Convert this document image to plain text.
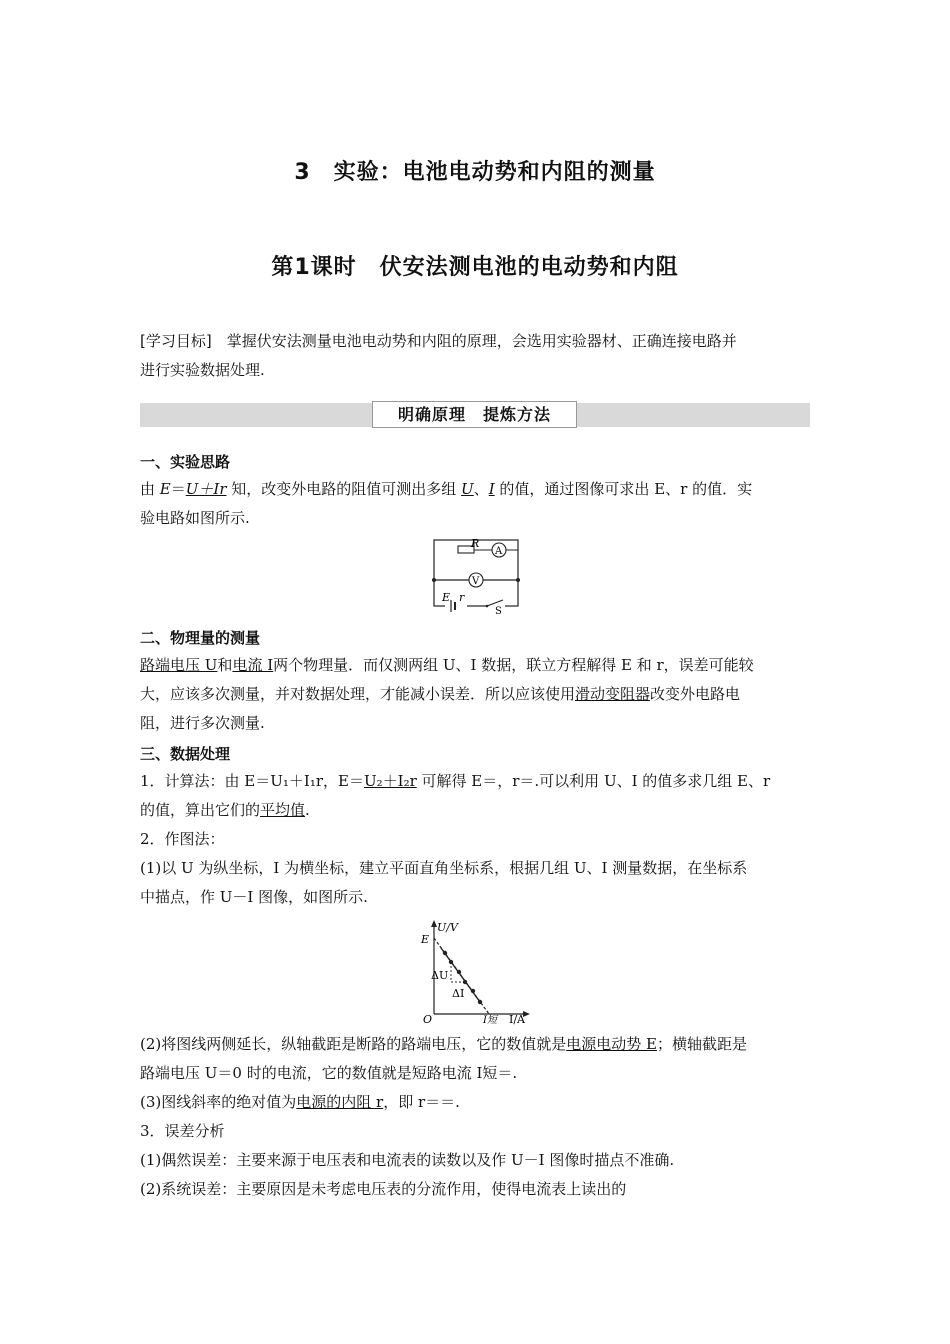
3　实验：电池电动势和内阻的测量
第1课时　伏安法测电池的电动势和内阻
[学习目标]　掌握伏安法测量电池电动势和内阻的原理，会选用实验器材、正确连接电路并
进行实验数据处理.
明确原理　提炼方法
一、实验思路
由 E＝U＋Ir 知，改变外电路的阻值可测出多组 U、I 的值，通过图像可求出 E、r 的值．实
验电路如图所示.
R
A
V
E r
S
二、物理量的测量
路端电压 U和电流 I两个物理量．而仅测两组 U、I 数据，联立方程解得 E 和 r，误差可能较
大，应该多次测量，并对数据处理，才能减小误差．所以应该使用滑动变阻器改变外电路电
阻，进行多次测量.
三、数据处理
1．计算法：由 E＝U₁＋I₁r，E＝U₂＋I₂r 可解得 E＝，r＝.可以利用 U、I 的值多求几组 E、r
的值，算出它们的平均值.
2．作图法：
(1)以 U 为纵坐标，I 为横坐标，建立平面直角坐标系，根据几组 U、I 测量数据，在坐标系
中描点，作 U－I 图像，如图所示.
U/V
I/A
E
O
ΔU
ΔI
I短
(2)将图线两侧延长，纵轴截距是断路的路端电压，它的数值就是电源电动势 E；横轴截距是
路端电压 U＝0 时的电流，它的数值就是短路电流 I短＝.
(3)图线斜率的绝对值为电源的内阻 r，即 r＝＝.
3．误差分析
(1)偶然误差：主要来源于电压表和电流表的读数以及作 U－I 图像时描点不准确.
(2)系统误差：主要原因是未考虑电压表的分流作用，使得电流表上读出的
